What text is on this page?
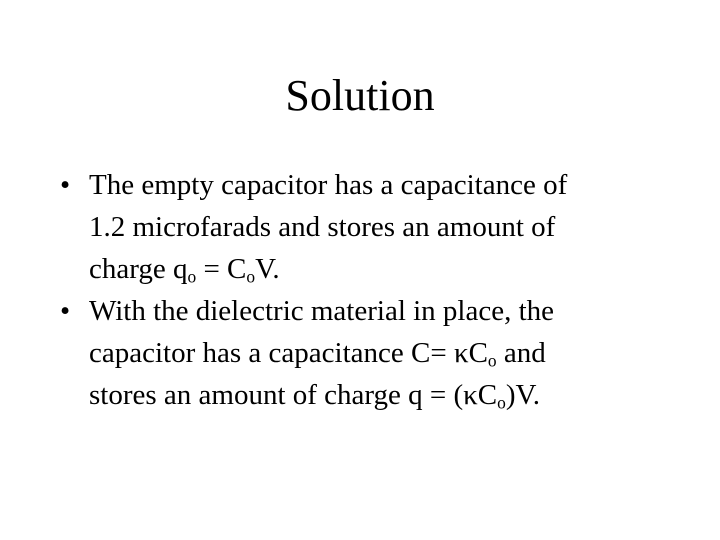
Solution
• The empty capacitor has a capacitance of
1.2 microfarads and stores an amount of
charge $q_o = C_oV$.
• With the dielectric material in place, the
capacitor has a capacitance $C= \kappa C_o$ and
stores an amount of charge $q = (\kappa C_o)V$.
